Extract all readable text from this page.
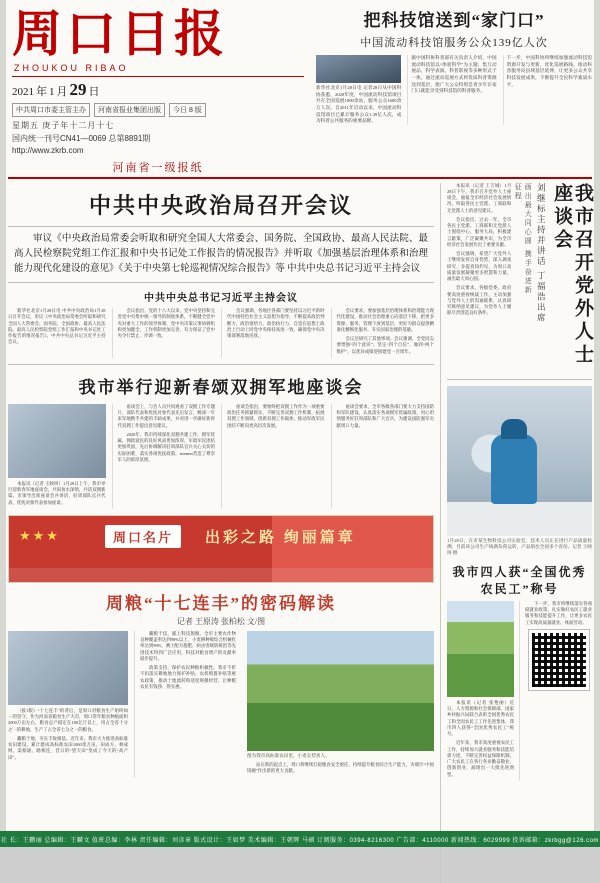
周口日报
ZHOUKOU RIBAO
2021 年 1 月 29 日
中共周口市委主管主办	河南省报业集团出版	今日 8 版
星期五 庚子年十二月十七
国内统一刊号CN41—0069 总第8891期
http://www.zkrb.com
河南省一级报纸
把科技馆送到“家门口”
中国流动科技馆服务公众139亿人次
新华社北京1月28日电 记者28日从中国科协获悉，2020年度，中国流动科技馆项目共在全国巡展1800余站，服务公众1600余万人次。自2011年启动以来，中国流动科技馆项目已累计服务公众1.39亿人次，成为科普公共服务的重要品牌。
据中国科协科普部有关负责人介绍，中国流动科技馆以“体验科学”为主题，集互动展品、科学表演、科普影视等多种形式于一体，通过流动巡展方式将优质科普资源送到基层，使广大公众特别是青少年在家门口就能享受到科技馆的科普服务。
下一步，中国科协将继续加强流动科技馆资源开发与更新，优化巡展路线，推动科普服务向县域基层延伸，让更多公众共享科技发展成果，不断提升全民科学素质水平。
中共中央政治局召开会议
审议《中央政治局常委会听取和研究全国人大常委会、国务院、全国政协、最高人民法院、最高人民检察院党组工作汇报和中央书记处工作报告的情况报告》并听取《加强基层治理体系和治理能力现代化建设的意见》《关于中央第七轮巡视情况综合报告》等 中共中央总书记习近平主持会议
中共中央总书记习近平主持会议

新华社北京1月28日电 中共中央政治局1月28日召开会议，审议《中央政治局常委会听取和研究全国人大常委会、国务院、全国政协、最高人民法院、最高人民检察院党组工作汇报和中央书记处工作报告的情况报告》。中共中央总书记习近平主持会议。

会议指出，党的十八大以来，党中央坚持和完善党中央集中统一领导的制度体系，不断健全党中央对重大工作的领导体制，党中央决策议事协调机构更加健全，工作机制更加完善，有力保证了党中央令行禁止、步调一致。

会议强调，各地区各部门要坚持以习近平新时代中国特色社会主义思想为指导，不断提高政治判断力、政治领悟力、政治执行力，自觉在思想上政治上行动上同党中央保持高度一致，确保党中央决策部署落地见效。

会议要求，要加强基层治理体系和治理能力现代化建设，推动社会治理重心向基层下移，把更多资源、服务、管理下放到基层，更好为群众提供精准化精细化服务，夯实国家治理的基础。

会议还研究了其他事项。会议强调，全党同志要增强“四个意识”、坚定“四个自信”、做到“两个维护”，以优异成绩迎接建党一百周年。

我市举行迎新春颂双拥军地座谈会

本报讯（记者 王映珂）1月28日上午，我市举行迎新春军地座谈会，共叙鱼水深情，共话双拥新篇。市领导出席座谈会并讲话，驻周部队官兵代表、优抚对象代表参加座谈。

座谈会上，与会人员共同观看了双拥工作专题片，部队代表和优抚对象代表先后发言，畅谈一年来军地携手共建的丰硕成果，并对进一步做好新时代双拥工作提出意见建议。

2020年，我市持续深化双拥共建工作，拥军优属、拥政爱民的良好风尚更加浓厚，军政军民团结更加巩固，先后协调解决驻周部队官兵关心关切的实际困难，落实各项优抚政策，военно营造了尊崇军人的浓厚氛围。

座谈会指出，要始终把双拥工作作为一项重要政治任务抓紧抓实，不断完善双拥工作机制，拓展双拥工作领域，创新双拥工作载体，推动军政军民团结不断向更高层次发展。

座谈会要求，全市各级各部门要大力支持国防和军队建设，认真落实各项拥军优属政策，用心用情服务好驻周部队和广大官兵，为建设国防强军贡献周口力量。

★★★	周口名片	出彩之路 绚丽篇章
周粮“十七连丰”的密码解读
记者 王原涛 张柏松 文/图

（接1版）“十七连丰”的背后，是周口对粮食生产始终如一的坚守。作为河南省粮食生产大市，周口常年粮食种植面积2000万亩左右，粮食总产稳定在180亿斤以上，用占全省十分之一的耕地，生产了占全省七分之一的粮食。

藏粮于地，夯实丰收根基。近年来，我市大力推进高标准农田建设，累计建成高标准农田1000余万亩，田成方、林成网、渠相通、路相连，昔日的“望天田”变成了今天的“高产田”。

藏粮于技，插上科技翅膀。全市主要农作物良种覆盖率达到98%以上，小麦耕种收综合机械化率达到99%，测土配方施肥、病虫害统防统治等先进技术得到广泛应用，科技对粮食增产的贡献率稳步提升。

政策支持，保护农民种粮积极性。我市不折不扣落实耕地地力保护补贴、农机购置补贴等惠农政策，推动土地流转和适度规模经营，让种粮农民有钱挣、得实惠。

图为我市高标准农田里，小麦长势喜人。

站在新的起点上，周口将继续扛稳粮食安全重任，持续提升粮食综合生产能力，为端牢“中国饭碗”作出新的更大贡献。

本报讯（记者 王吉城）1月28日下午，我市召开党外人士座谈会，通报全市经济社会发展情况，听取各民主党派、工商联和无党派人士的意见建议。

会议指出，过去一年，全市各民主党派、工商联和无党派人士围绕中心、服务大局，积极建言献策，广泛凝聚共识，为全市经济社会发展作出了重要贡献。

会议强调，希望广大党外人士继续发挥自身优势，深入调查研究，多提真知灼见，为周口高质量发展凝聚更多智慧和力量，画出最大同心圆。

会议要求，各级党委、政府要高度重视统战工作，主动加强与党外人士的沟通联系，认真研究吸纳意见建议，为党外人士履职尽责创造良好条件。

画出最大同心圆 携手奋进新征程	刘继标主持并讲话 丁福浩出席	我市召开党外人士座谈会
1月28日，在市某生物科技公司实验室，技术人员正在进行产品质量检测。目前该公司生产线满负荷运转，产品销往全国多个省份。记者 王映珂 摄
我市四人获“全国优秀农民工”称号

本报讯（记者 张艳丽）近日，人力资源和社会保障部、国家乡村振兴局联合表彰全国优秀农民工和全国农民工工作先进集体，我市四人获得“全国优秀农民工”称号。

近年来，我市高度重视农民工工作，持续加大就业服务和技能培训力度，不断完善权益保障机制，广大农民工在各行各业勤奋敬业、创新创业，涌现出一大批先进典型。

下一步，我市将继续落实各项稳就业政策，扎实做好农民工就业服务和技能提升工作，让更多农民工实现高质量就业、体面劳动。

社 长：王鹏丽 总编辑：王麟文 值班总编：李林 责任编辑：刘彦章 版式设计：王如梦 美术编辑：王朝辉 马硕 订阅服务：0394-8216300 广告部：4110000 新闻热线：6029999 投诉邮箱：zkrbgg@126.com
